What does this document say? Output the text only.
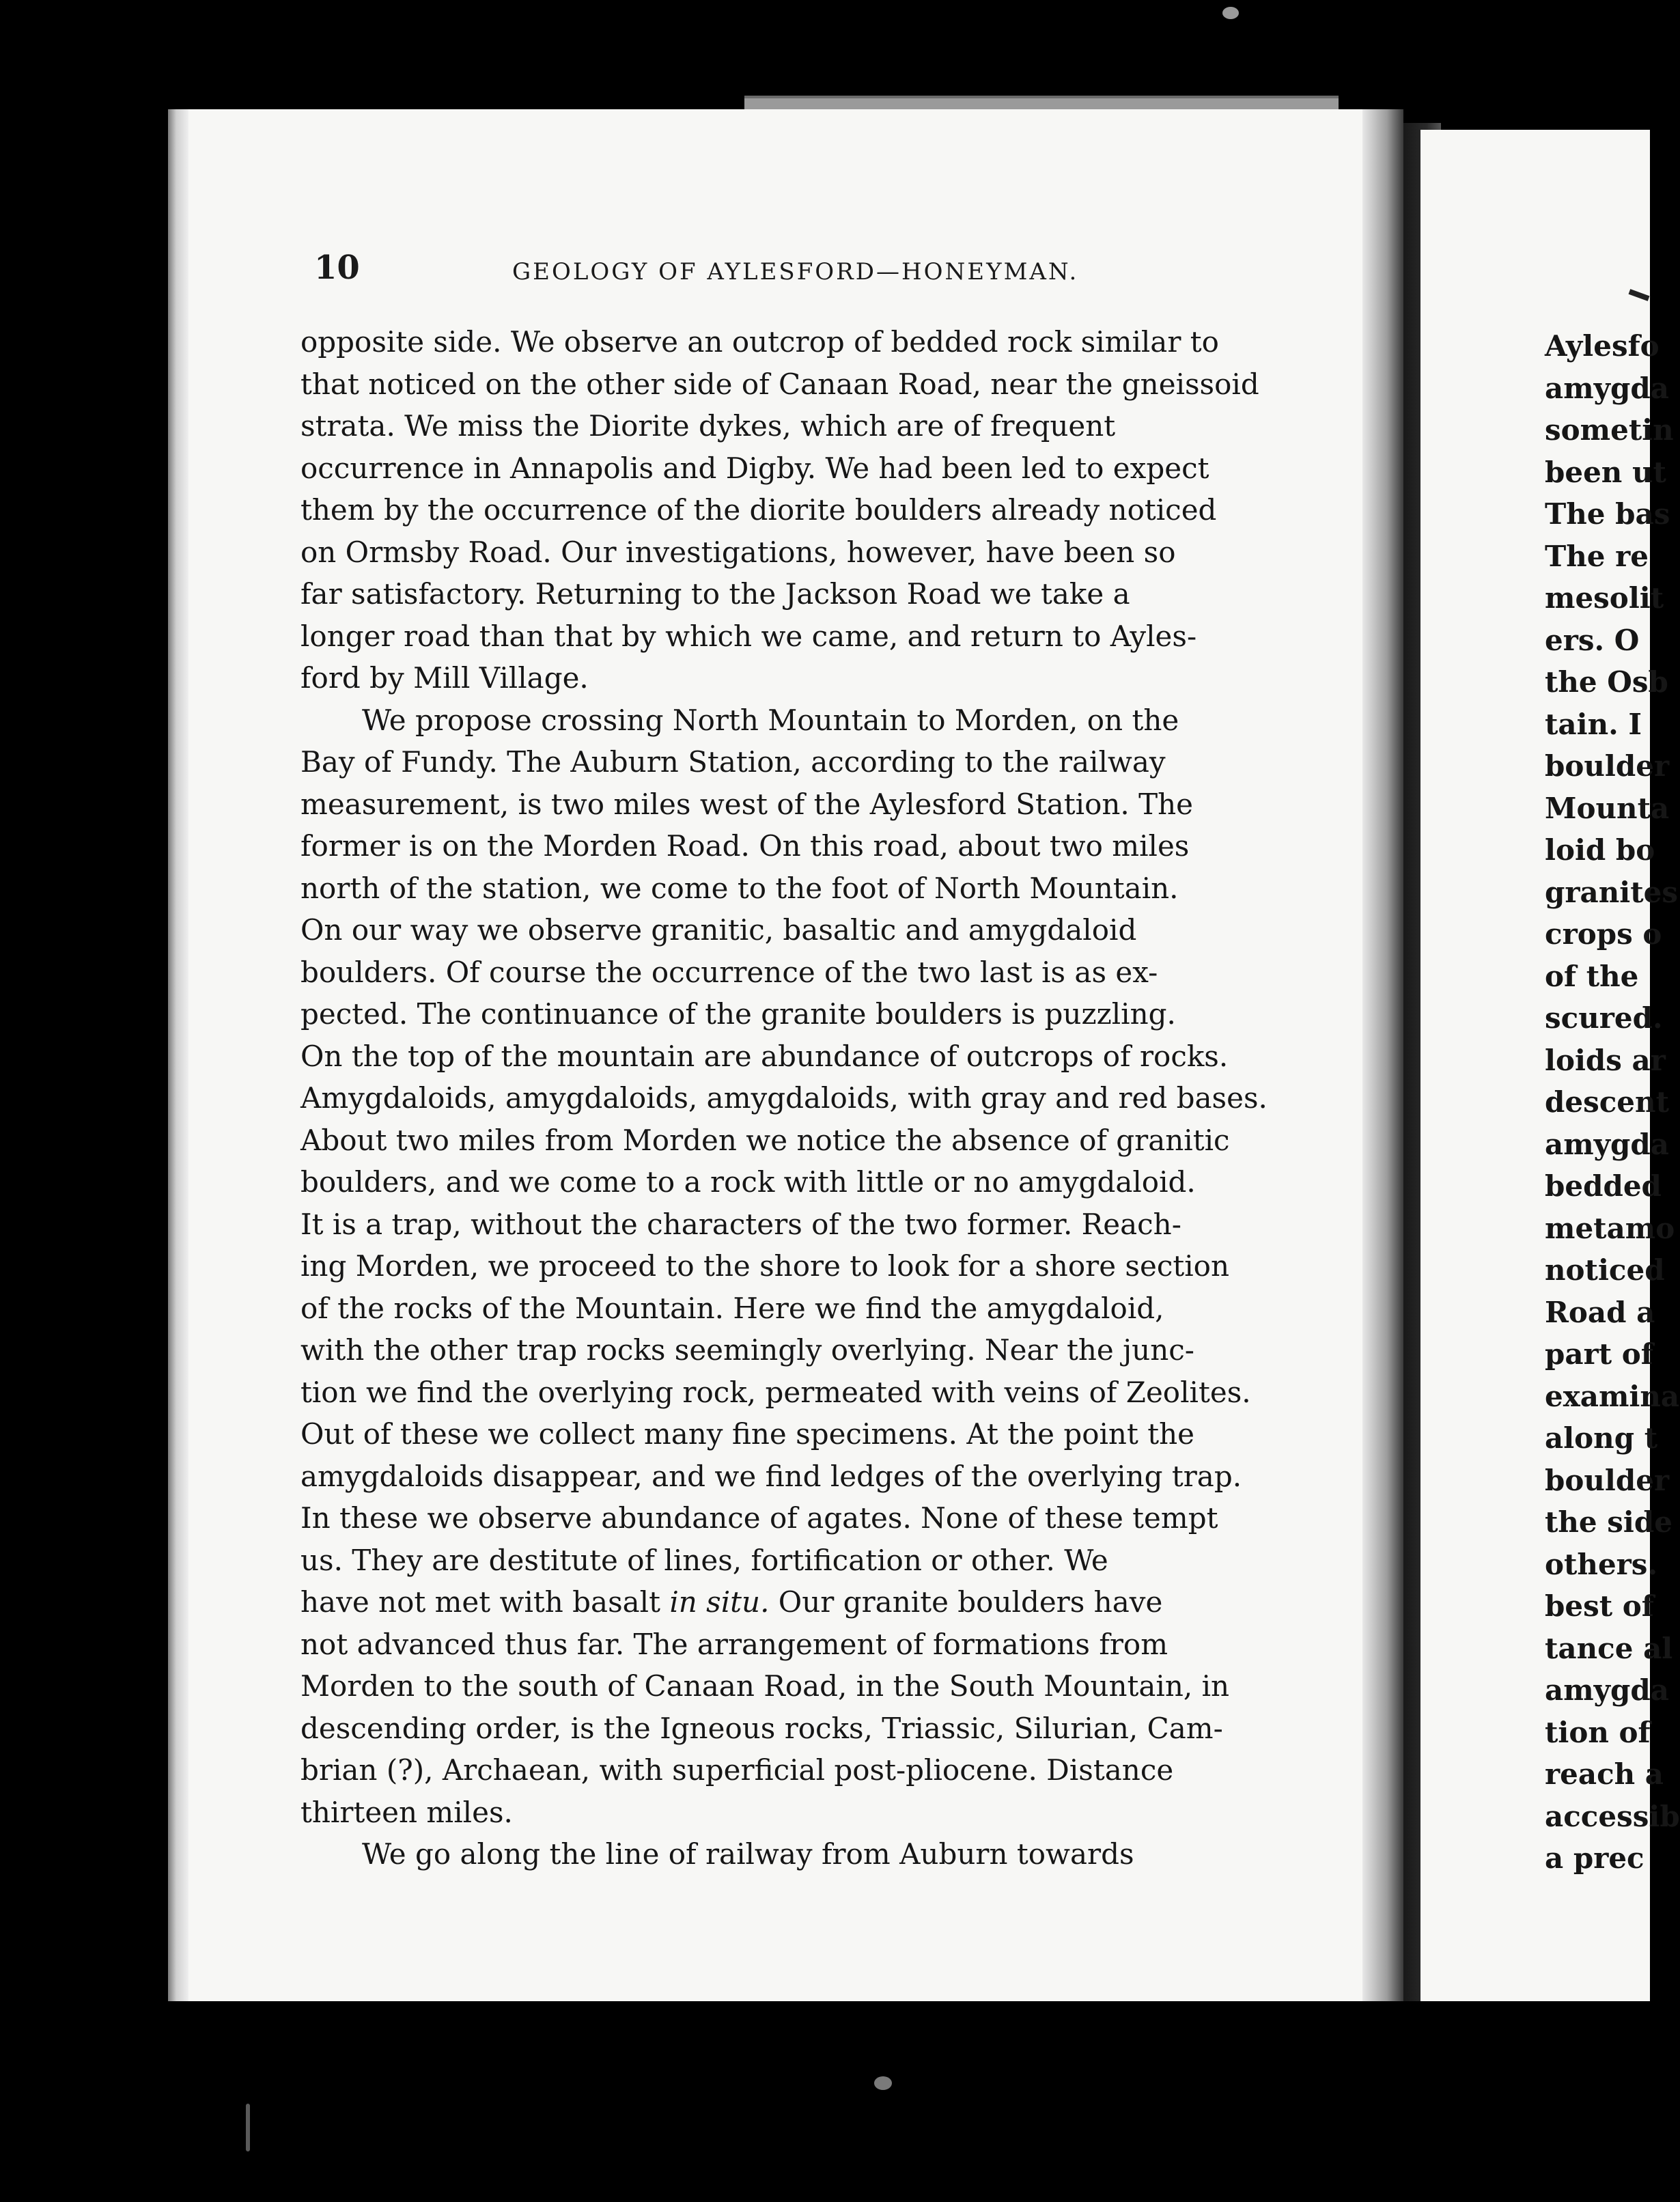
10	GEOLOGY OF AYLESFORD—HONEYMAN.
opposite side. We observe an outcrop of bedded rock similar to
that noticed on the other side of Canaan Road, near the gneissoid
strata. We miss the Diorite dykes, which are of frequent
occurrence in Annapolis and Digby. We had been led to expect
them by the occurrence of the diorite boulders already noticed
on Ormsby Road. Our investigations, however, have been so
far satisfactory. Returning to the Jackson Road we take a
longer road than that by which we came, and return to Ayles-
ford by Mill Village.
We propose crossing North Mountain to Morden, on the
Bay of Fundy. The Auburn Station, according to the railway
measurement, is two miles west of the Aylesford Station. The
former is on the Morden Road. On this road, about two miles
north of the station, we come to the foot of North Mountain.
On our way we observe granitic, basaltic and amygdaloid
boulders. Of course the occurrence of the two last is as ex-
pected. The continuance of the granite boulders is puzzling.
On the top of the mountain are abundance of outcrops of rocks.
Amygdaloids, amygdaloids, amygdaloids, with gray and red bases.
About two miles from Morden we notice the absence of granitic
boulders, and we come to a rock with little or no amygdaloid.
It is a trap, without the characters of the two former. Reach-
ing Morden, we proceed to the shore to look for a shore section
of the rocks of the Mountain. Here we find the amygdaloid,
with the other trap rocks seemingly overlying. Near the junc-
tion we find the overlying rock, permeated with veins of Zeolites.
Out of these we collect many fine specimens. At the point the
amygdaloids disappear, and we find ledges of the overlying trap.
In these we observe abundance of agates. None of these tempt
us. They are destitute of lines, fortification or other. We
have not met with basalt in situ. Our granite boulders have
not advanced thus far. The arrangement of formations from
Morden to the south of Canaan Road, in the South Mountain, in
descending order, is the Igneous rocks, Triassic, Silurian, Cam-
brian (?), Archaean, with superficial post-pliocene. Distance
thirteen miles.
We go along the line of railway from Auburn towards
Aylesfo
amygda
sometin
been ut
The bas
The re
mesolit
ers. O
the Osb
tain. I
boulder
Mounta
loid bo
granites
crops o
of the
scured.
loids ar
descent
amygda
bedded
metamo
noticed
Road a
part of
examina
along t
boulder
the side
others.
best of
tance al
amygda
tion of
reach a
accessib
a prec
